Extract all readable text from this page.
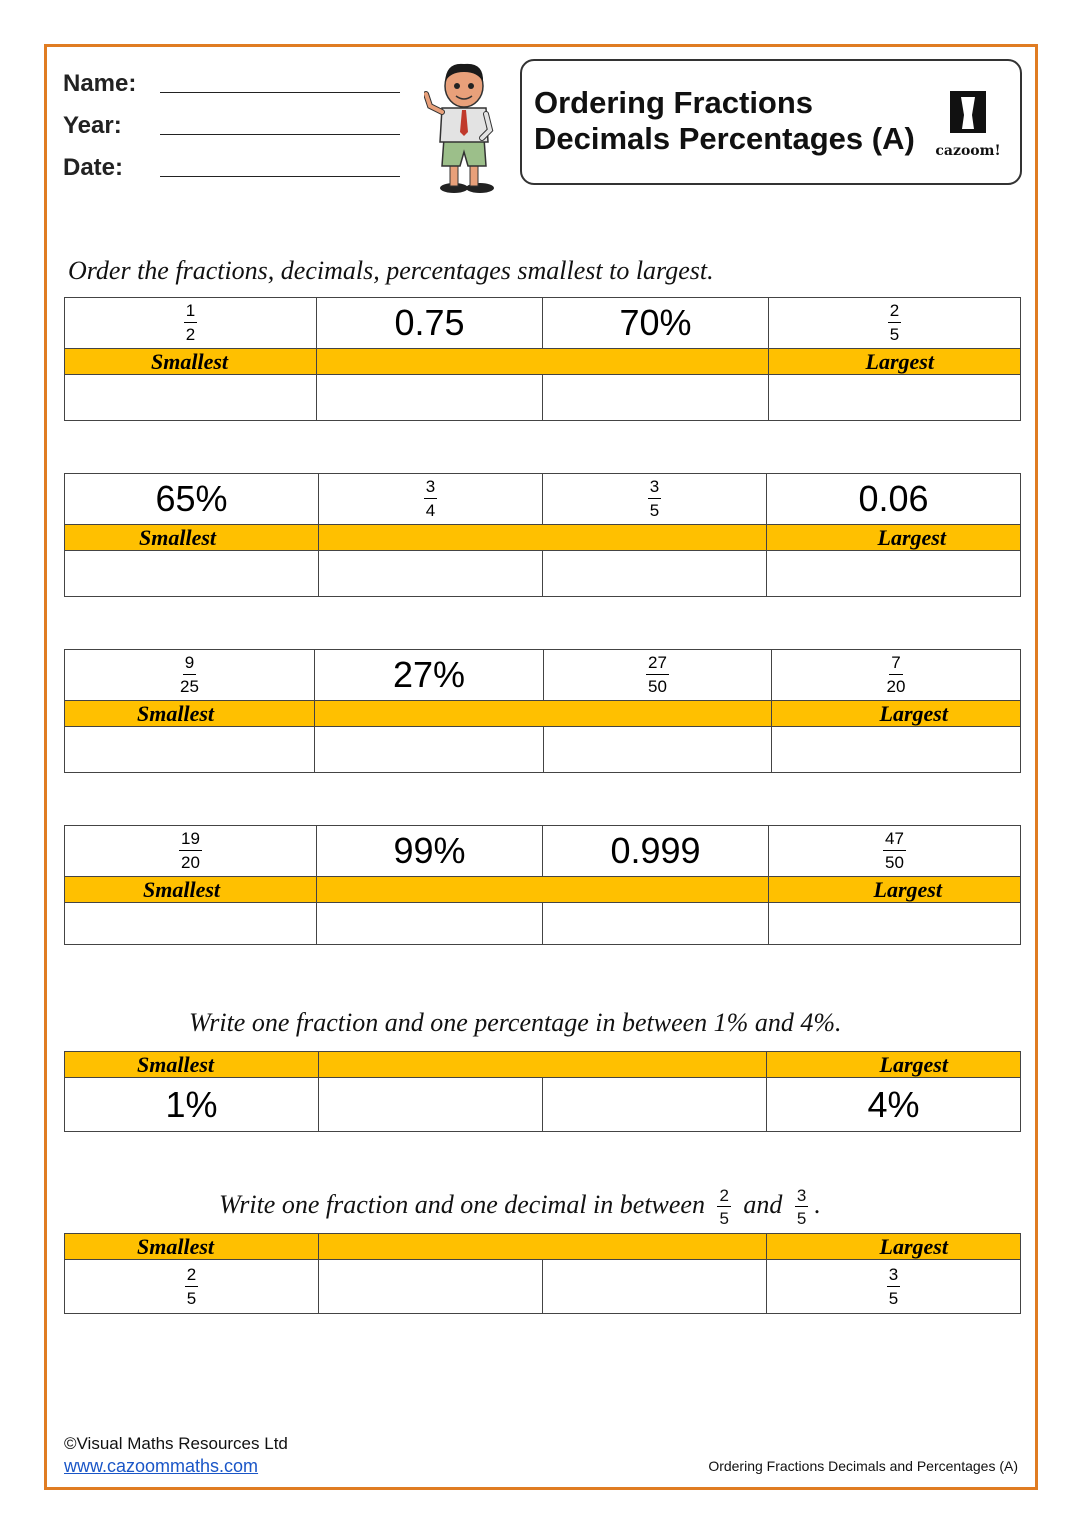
Name:
Year:
Date:
Ordering Fractions
Decimals Percentages (A)	cazoom!
Order the fractions, decimals, percentages smallest to largest.
$\frac{1}{2}$	0.75	70%	$\frac{2}{5}$

Smallest			Largest

65%	$\frac{3}{4}$	$\frac{3}{5}$	0.06
Smallest			Largest

$\frac{9}{25}$	27%	$\frac{27}{50}$	$\frac{7}{20}$

Smallest			Largest

$\frac{19}{20}$	99%	0.999	$\frac{47}{50}$

Smallest			Largest

Write one fraction and one percentage in between 1% and 4%.
Smallest			Largest
1%			4%
Write one fraction and one decimal in between $\frac{2}{5}$ and $\frac{3}{5}$ .
Smallest			Largest

$\frac{2}{5}$			$\frac{3}{5}$
©Visual Maths Resources Ltd
www.cazoommaths.com	Ordering Fractions Decimals and Percentages (A)
